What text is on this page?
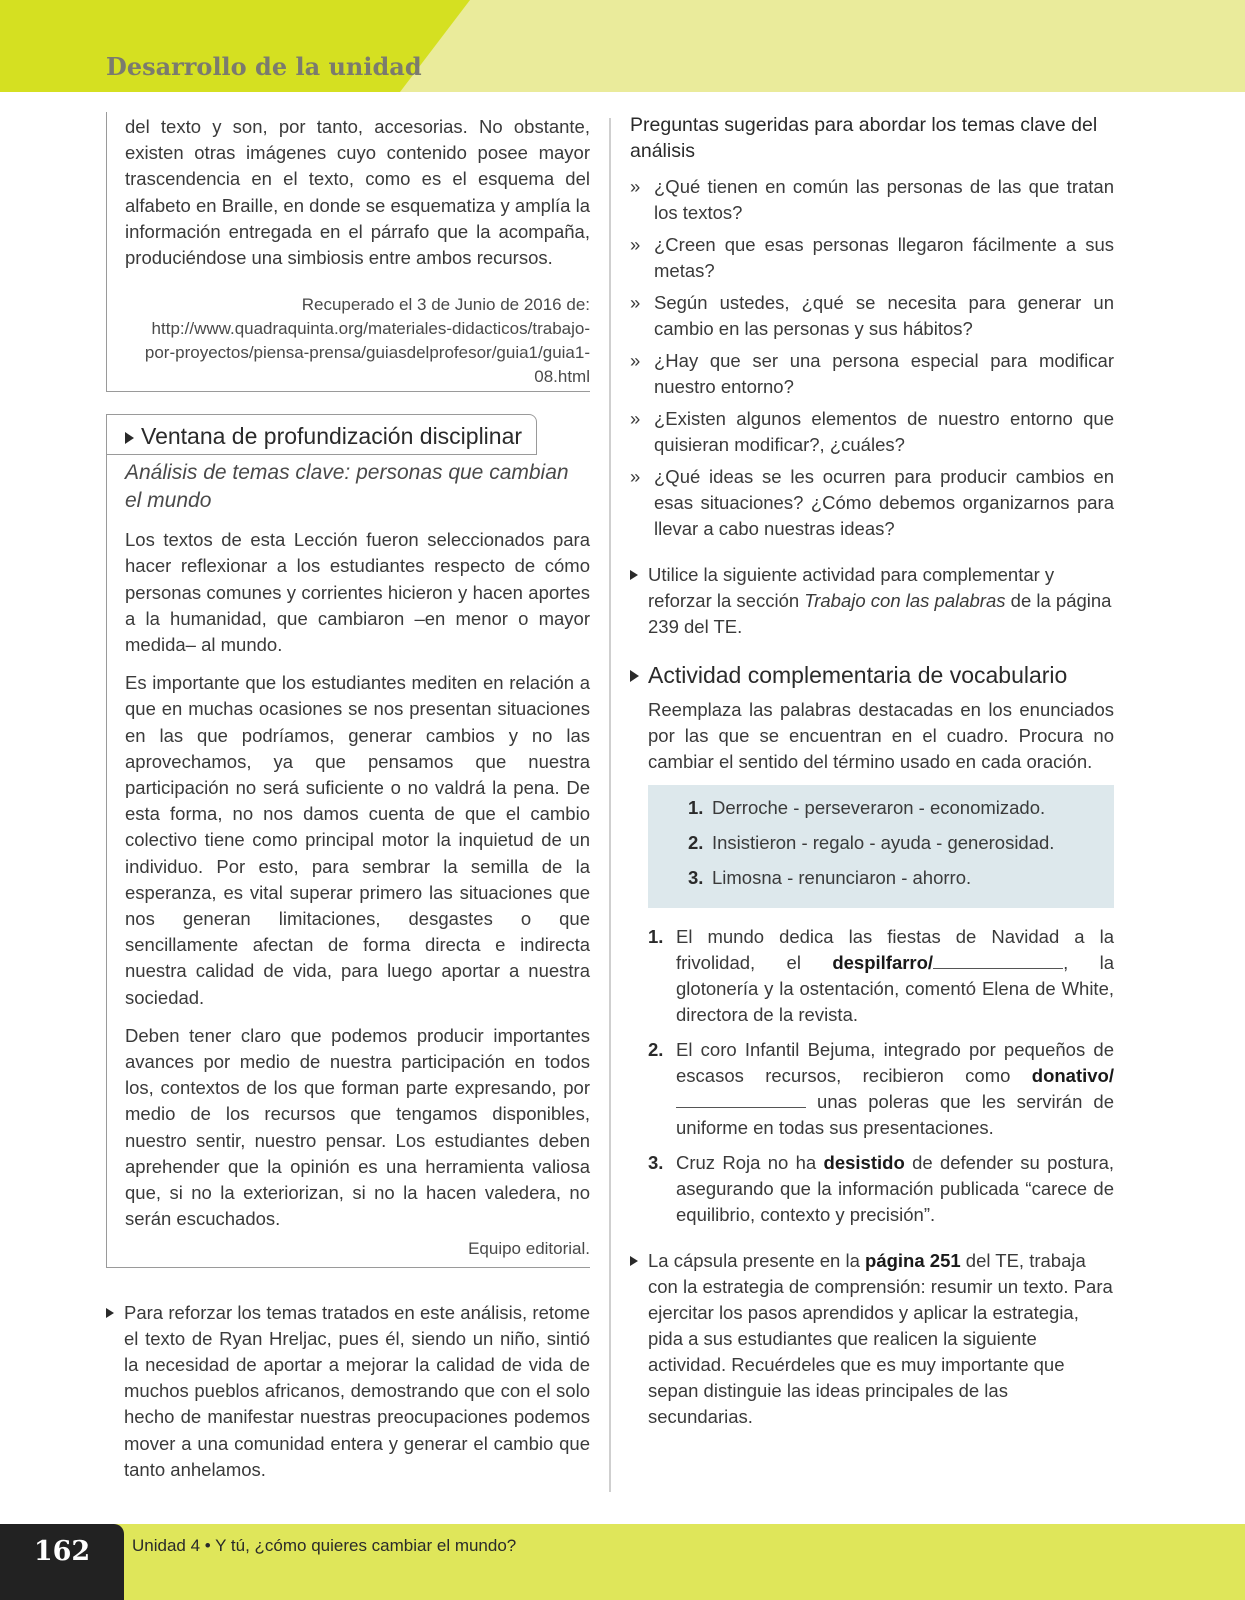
Desarrollo de la unidad

del texto y son, por tanto, accesorias. No obstante, existen otras imágenes cuyo contenido posee mayor trascendencia en el texto, como es el esquema del alfabeto en Braille, en donde se esquematiza y amplía la información entregada en el párrafo que la acompaña, produciéndose una simbiosis entre ambos recursos.

Recuperado el 3 de Junio de 2016 de: http://www.quadraquinta.org/materiales-didacticos/trabajo-por-proyectos/piensa-prensa/guiasdelprofesor/guia1/guia1-08.html

Ventana de profundización disciplinar

Análisis de temas clave: personas que cambian el mundo

Los textos de esta Lección fueron seleccionados para hacer reflexionar a los estudiantes respecto de cómo personas comunes y corrientes hicieron y hacen aportes a la humanidad, que cambiaron –en menor o mayor medida– al mundo.

Es importante que los estudiantes mediten en relación a que en muchas ocasiones se nos presentan situaciones en las que podríamos, generar cambios y no las aprovechamos, ya que pensamos que nuestra participación no será suficiente o no valdrá la pena. De esta forma, no nos damos cuenta de que el cambio colectivo tiene como principal motor la inquietud de un individuo. Por esto, para sembrar la semilla de la esperanza, es vital superar primero las situaciones que nos generan limitaciones, desgastes o que sencillamente afectan de forma directa e indirecta nuestra calidad de vida, para luego aportar a nuestra sociedad.

Deben tener claro que podemos producir importantes avances por medio de nuestra participación en todos los, contextos de los que forman parte expresando, por medio de los recursos que tengamos disponibles, nuestro sentir, nuestro pensar. Los estudiantes deben aprehender que la opinión es una herramienta valiosa que, si no la exteriorizan, si no la hacen valedera, no serán escuchados.

Equipo editorial.

Para reforzar los temas tratados en este análisis, retome el texto de Ryan Hreljac, pues él, siendo un niño, sintió la necesidad de aportar a mejorar la calidad de vida de muchos pueblos africanos, demostrando que con el solo hecho de manifestar nuestras preocupaciones podemos mover a una comunidad entera y generar el cambio que tanto anhelamos.

Preguntas sugeridas para abordar los temas clave del análisis

» ¿Qué tienen en común las personas de las que tratan los textos?
» ¿Creen que esas personas llegaron fácilmente a sus metas?
» Según ustedes, ¿qué se necesita para generar un cambio en las personas y sus hábitos?
» ¿Hay que ser una persona especial para modificar nuestro entorno?
» ¿Existen algunos elementos de nuestro entorno que quisieran modificar?, ¿cuáles?
» ¿Qué ideas se les ocurren para producir cambios en esas situaciones? ¿Cómo debemos organizarnos para llevar a cabo nuestras ideas?
Utilice la siguiente actividad para complementar y reforzar la sección Trabajo con las palabras de la página 239 del TE.
Actividad complementaria de vocabulario

Reemplaza las palabras destacadas en los enunciados por las que se encuentran en el cuadro. Procura no cambiar el sentido del término usado en cada oración.

1. Derroche - perseveraron - economizado.
2. Insistieron - regalo - ayuda - generosidad.
3. Limosna - renunciaron - ahorro.
1. El mundo dedica las fiestas de Navidad a la frivolidad, el despilfarro/	, la glotonería y la ostentación, comentó Elena de White, directora de la revista.
2. El coro Infantil Bejuma, integrado por pequeños de escasos recursos, recibieron como donativo/ unas poleras que les servirán de uniforme en todas sus presentaciones.
3. Cruz Roja no ha desistido de defender su postura, asegurando que la información publicada “carece de equilibrio, contexto y precisión”.
La cápsula presente en la página 251 del TE, trabaja con la estrategia de comprensión: resumir un texto. Para ejercitar los pasos aprendidos y aplicar la estrategia, pida a sus estudiantes que realicen la siguiente actividad. Recuérdeles que es muy importante que sepan distinguie las ideas principales de las secundarias.
162	Unidad 4 • Y tú, ¿cómo quieres cambiar el mundo?
